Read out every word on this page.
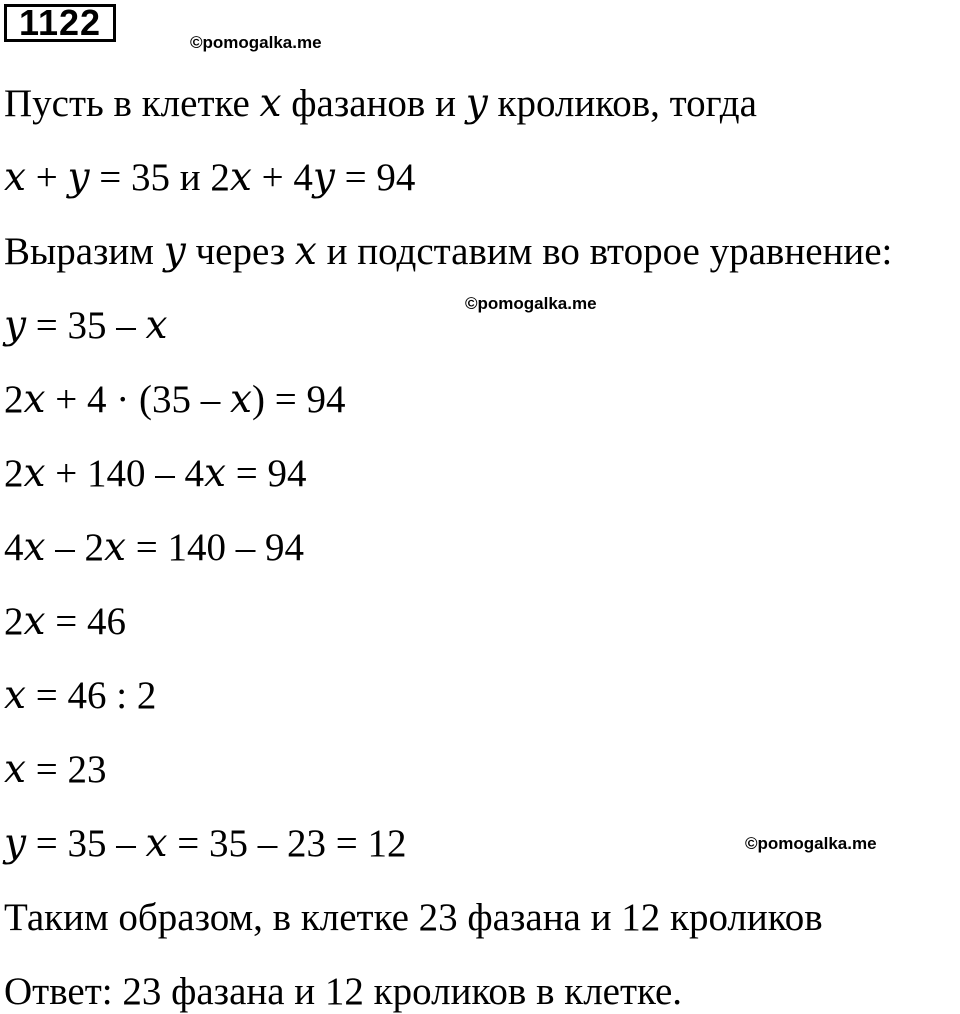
1122	©pomogalka.me
Пусть в клетке 𝑥 фазанов и 𝑦 кроликов, тогда
𝑥 + 𝑦 = 35 и 2𝑥 + 4𝑦 = 94
Выразим 𝑦 через 𝑥 и подставим во второе уравнение:
𝑦 = 35 – 𝑥
©pomogalka.me
2𝑥 + 4 · (35 – 𝑥) = 94
2𝑥 + 140 – 4𝑥 = 94
4𝑥 – 2𝑥 = 140 – 94
2𝑥 = 46
𝑥 = 46 : 2
𝑥 = 23
𝑦 = 35 – 𝑥 = 35 – 23 = 12	©pomogalka.me
Таким образом, в клетке 23 фазана и 12 кроликов
Ответ: 23 фазана и 12 кроликов в клетке.
